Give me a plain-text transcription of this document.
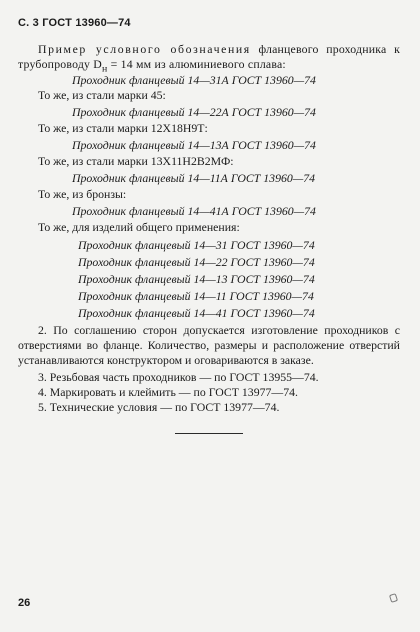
С. 3 ГОСТ 13960—74
Пример условного обозначения фланцевого проходника к трубопроводу $D_н = 14$ мм из алюминиевого сплава:
Проходник фланцевый 14—31А ГОСТ 13960—74
То же, из стали марки 45:
Проходник фланцевый 14—22А ГОСТ 13960—74
То же, из стали марки 12Х18Н9Т:
Проходник фланцевый 14—13А ГОСТ 13960—74
То же, из стали марки 13Х11Н2В2МФ:
Проходник фланцевый 14—11А ГОСТ 13960—74
То же, из бронзы:
Проходник фланцевый 14—41А ГОСТ 13960—74
То же, для изделий общего применения:
Проходник фланцевый 14—31 ГОСТ 13960—74
Проходник фланцевый 14—22 ГОСТ 13960—74
Проходник фланцевый 14—13 ГОСТ 13960—74
Проходник фланцевый 14—11 ГОСТ 13960—74
Проходник фланцевый 14—41 ГОСТ 13960—74
2. По соглашению сторон допускается изготовление проходников с отверстиями во фланце. Количество, размеры и расположение отверстий устанавливаются конструктором и оговариваются в заказе.
3. Резьбовая часть проходников — по ГОСТ 13955—74.
4. Маркировать и клеймить — по ГОСТ 13977—74.
5. Технические условия — по ГОСТ 13977—74.
26
